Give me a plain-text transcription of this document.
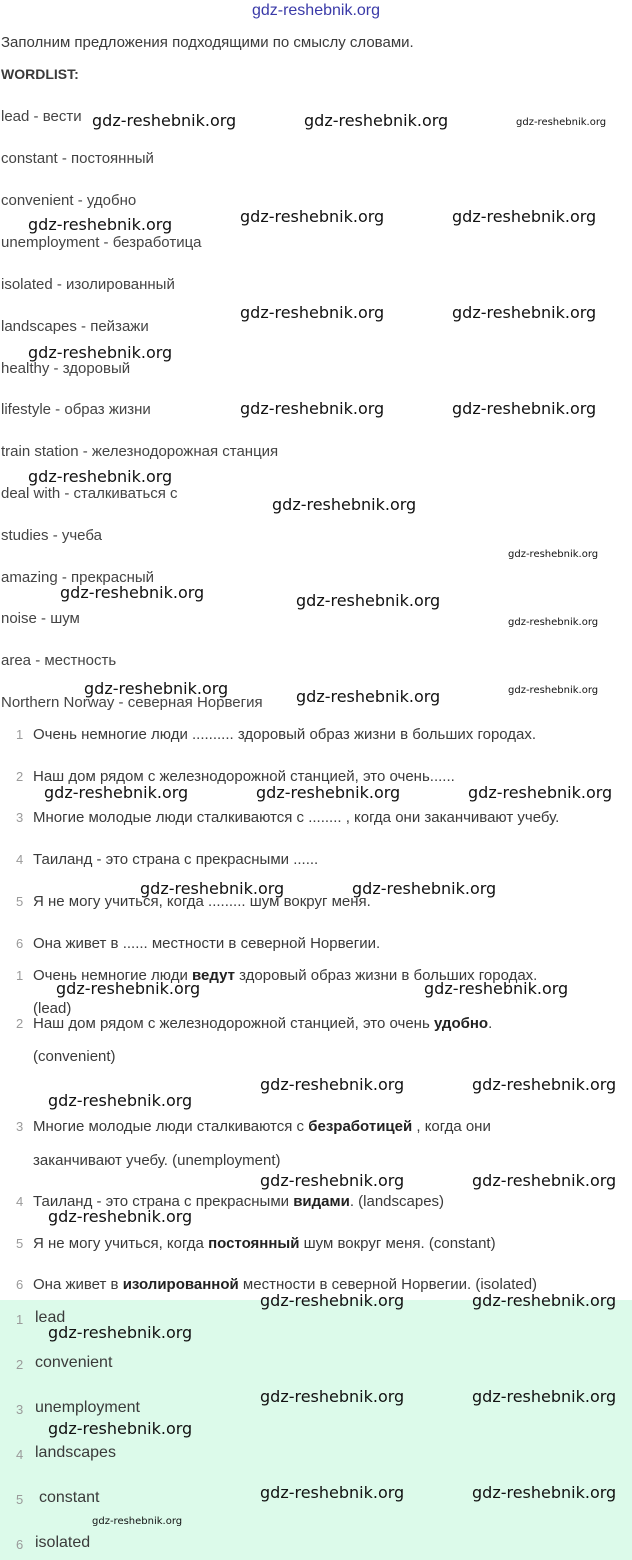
gdz-reshebnik.org
Заполним предложения подходящими по смыслу словами.
WORDLIST:
lead - вести
constant - постоянный
convenient - удобно
unemployment - безработица
isolated - изолированный
landscapes - пейзажи
healthy - здоровый
lifestyle - образ жизни
train station - железнодорожная станция
deal with - сталкиваться с
studies - учеба
amazing - прекрасный
noise - шум
area - местность
Northern Norway - северная Норвегия
1 Очень немногие люди .......... здоровый образ жизни в больших городах.
2 Наш дом рядом с железнодорожной станцией, это очень......
3 Многие молодые люди сталкиваются с ........ , когда они заканчивают учебу.
4 Таиланд - это страна с прекрасными ......
5 Я не могу учиться, когда ......... шум вокруг меня.
6 Она живет в ...... местности в северной Норвегии.
1 Очень немногие люди ведут здоровый образ жизни в больших городах.
(lead)
2 Наш дом рядом с железнодорожной станцией, это очень удобно.
(convenient)
3 Многие молодые люди сталкиваются с безработицей , когда они
заканчивают учебу. (unemployment)
4 Таиланд - это страна с прекрасными видами. (landscapes)
5 Я не могу учиться, когда постоянный шум вокруг меня. (constant)
6 Она живет в изолированной местности в северной Норвегии. (isolated)
1 lead
2 convenient
3 unemployment
4 landscapes
5 constant
6 isolated
gdz-reshebnik.org	gdz-reshebnik.org	gdz-reshebnik.org
gdz-reshebnik.org	gdz-reshebnik.org	gdz-reshebnik.org
gdz-reshebnik.org	gdz-reshebnik.org
gdz-reshebnik.org
gdz-reshebnik.org	gdz-reshebnik.org
gdz-reshebnik.org
gdz-reshebnik.org
gdz-reshebnik.org
gdz-reshebnik.org	gdz-reshebnik.org
gdz-reshebnik.org
gdz-reshebnik.org	gdz-reshebnik.org	gdz-reshebnik.org
gdz-reshebnik.org	gdz-reshebnik.org	gdz-reshebnik.org
gdz-reshebnik.org	gdz-reshebnik.org
gdz-reshebnik.org	gdz-reshebnik.org
gdz-reshebnik.org	gdz-reshebnik.org
gdz-reshebnik.org
gdz-reshebnik.org	gdz-reshebnik.org
gdz-reshebnik.org
gdz-reshebnik.org	gdz-reshebnik.org
gdz-reshebnik.org
gdz-reshebnik.org	gdz-reshebnik.org
gdz-reshebnik.org
gdz-reshebnik.org	gdz-reshebnik.org
gdz-reshebnik.org
